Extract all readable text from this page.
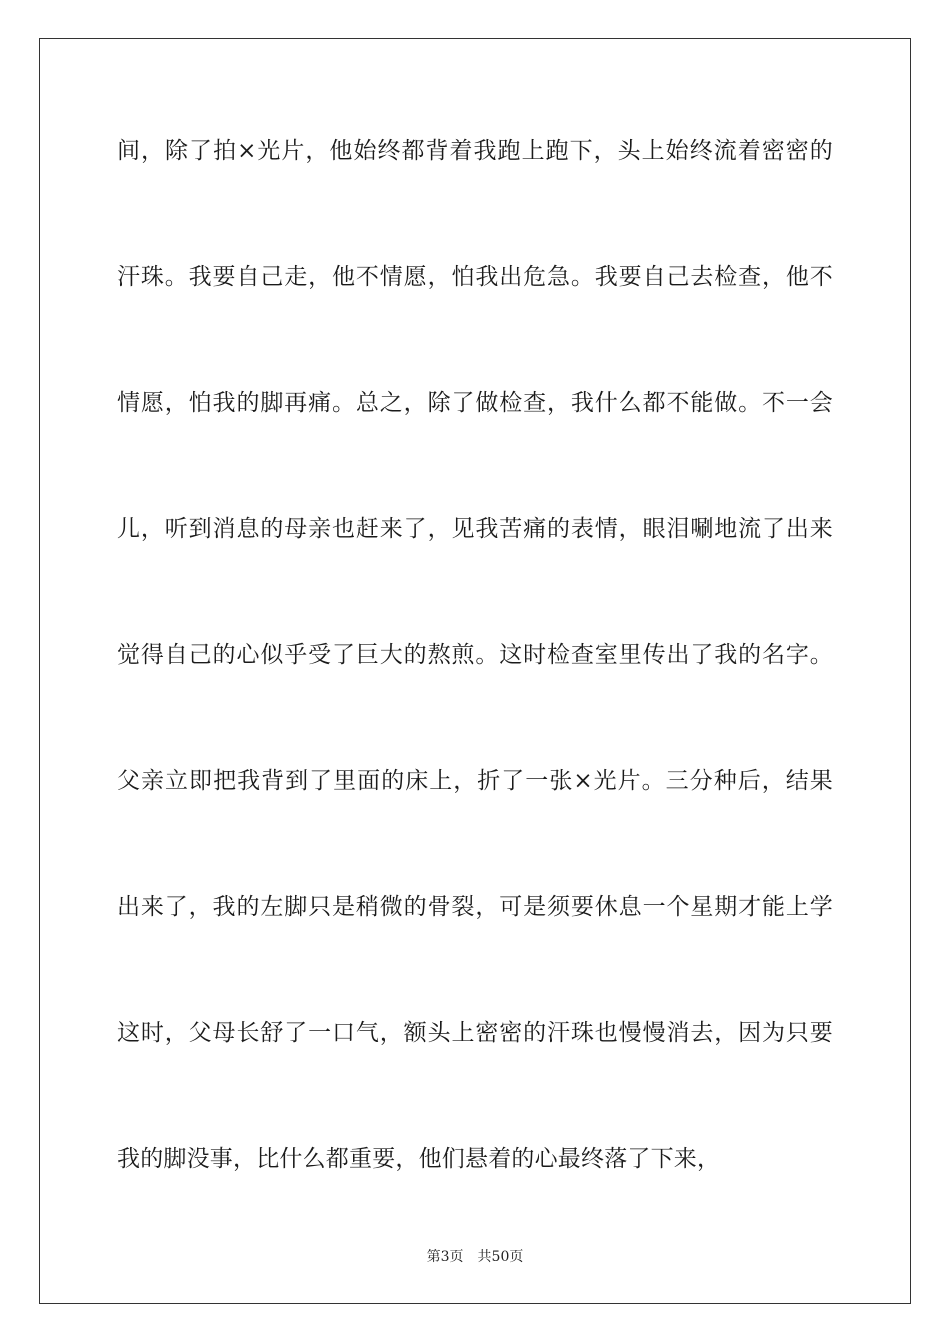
间，除了拍×光片，他始终都背着我跑上跑下，头上始终流着密密的
汗珠。我要自己走，他不情愿，怕我出危急。我要自己去检查，他不
情愿，怕我的脚再痛。总之，除了做检查，我什么都不能做。不一会
儿，听到消息的母亲也赶来了，见我苦痛的表情，眼泪唰地流了出来
觉得自己的心似乎受了巨大的熬煎。这时检查室里传出了我的名字。
父亲立即把我背到了里面的床上，折了一张×光片。三分种后，结果
出来了，我的左脚只是稍微的骨裂，可是须要休息一个星期才能上学
这时，父母长舒了一口气，额头上密密的汗珠也慢慢消去，因为只要
我的脚没事，比什么都重要，他们悬着的心最终落了下来，
第3页 共50页
